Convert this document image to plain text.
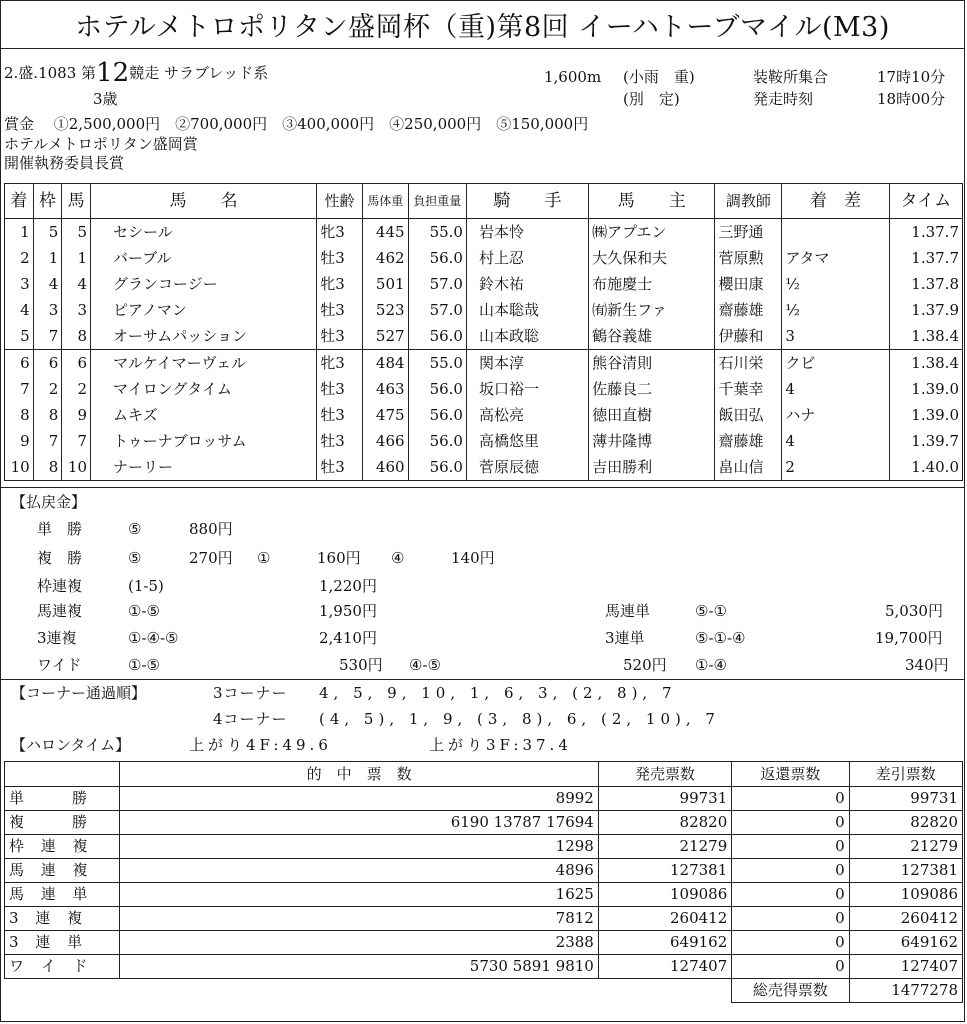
ホテルメトロポリタン盛岡杯（重)第8回 イーハトーブマイル(M3)
2.盛.1083 第12競走 サラブレッド系
3歳
1,600m (小雨　重)
(別　定)
装鞍所集合	17時10分
発走時刻	18時00分
賞金　 ①2,500,000円　②700,000円　③400,000円　④250,000円　⑤150,000円
ホテルメトロポリタン盛岡賞
開催執務委員長賞
着	枠	馬	馬　　名	性齢	馬体重	負担重量	騎　　手	馬　　主	調教師	着　差	タイム
1	5	5	セシール	牝3	445	55.0	岩本怜	㈱アプエン	三野通		1.37.7
2	1	1	バーブル	牡3	462	56.0	村上忍	大久保和夫	菅原勲	アタマ	1.37.7
3	4	4	グランコージー	牝3	501	57.0	鈴木祐	布施慶士	櫻田康	½	1.37.8
4	3	3	ピアノマン	牡3	523	57.0	山本聡哉	㈲新生ファ	齋藤雄	½	1.37.9
5	7	8	オーサムパッション	牡3	527	56.0	山本政聡	鶴谷義雄	伊藤和	3	1.38.4
6	6	6	マルケイマーヴェル	牝3	484	55.0	関本淳	熊谷清則	石川栄	クビ	1.38.4
7	2	2	マイロングタイム	牡3	463	56.0	坂口裕一	佐藤良二	千葉幸	4	1.39.0
8	8	9	ムキズ	牡3	475	56.0	高松亮	徳田直樹	飯田弘	ハナ	1.39.0
9	7	7	トゥーナブロッサム	牡3	466	56.0	高橋悠里	薄井隆博	齋藤雄	4	1.39.7
10	8	10	ナーリー	牡3	460	56.0	菅原辰徳	吉田勝利	畠山信	2	1.40.0
【払戻金】
単　勝	⑤	880円
複　勝	⑤	270円 ①	160円 ④	140円
枠連複	(1-5)	1,220円
馬連複	①-⑤	1,950円	馬連単	⑤-①	5,030円
3連複	①-④-⑤	2,410円	3連単	⑤-①-④	19,700円
ワイド	①-⑤	530円 ④-⑤	520円 ①-④	340円
【コーナー通過順】	3コーナー 4, 5, 9, 10, 1, 6, 3, (2, 8), 7
4コーナー (4, 5), 1, 9, (3, 8), 6, (2, 10), 7
【ハロンタイム】	上がり4F:49.6	上がり3F:37.4
	的　中　票　数	発売票数	返還票数	差引票数
単　　勝	8992	99731	0	99731
複　　勝	6190 13787 17694	82820	0	82820
枠 連 複	1298	21279	0	21279
馬 連 複	4896	127381	0	127381
馬 連 単	1625	109086	0	109086
3 連 複	7812	260412	0	260412
3 連 単	2388	649162	0	649162
ワ イ ド	5730 5891 9810	127407	0	127407
			総売得票数	1477278
